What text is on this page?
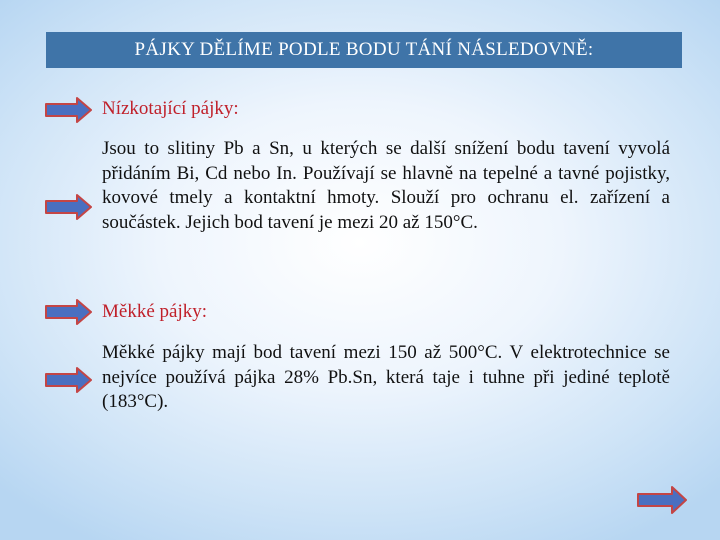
PÁJKY DĚLÍME PODLE BODU TÁNÍ NÁSLEDOVNĚ:
Nízkotající pájky:
Jsou to slitiny Pb a Sn, u kterých se další snížení bodu tavení vyvolá přidáním Bi, Cd nebo In. Používají se hlavně na tepelné a tavné pojistky, kovové tmely a kontaktní hmoty. Slouží pro ochranu el. zařízení a součástek. Jejich bod tavení je mezi 20 až 150°C.
Měkké pájky:
Měkké pájky mají bod tavení mezi 150 až 500°C. V elektrotechnice se nejvíce používá pájka 28% Pb.Sn, která taje i tuhne při jediné teplotě (183°C).
